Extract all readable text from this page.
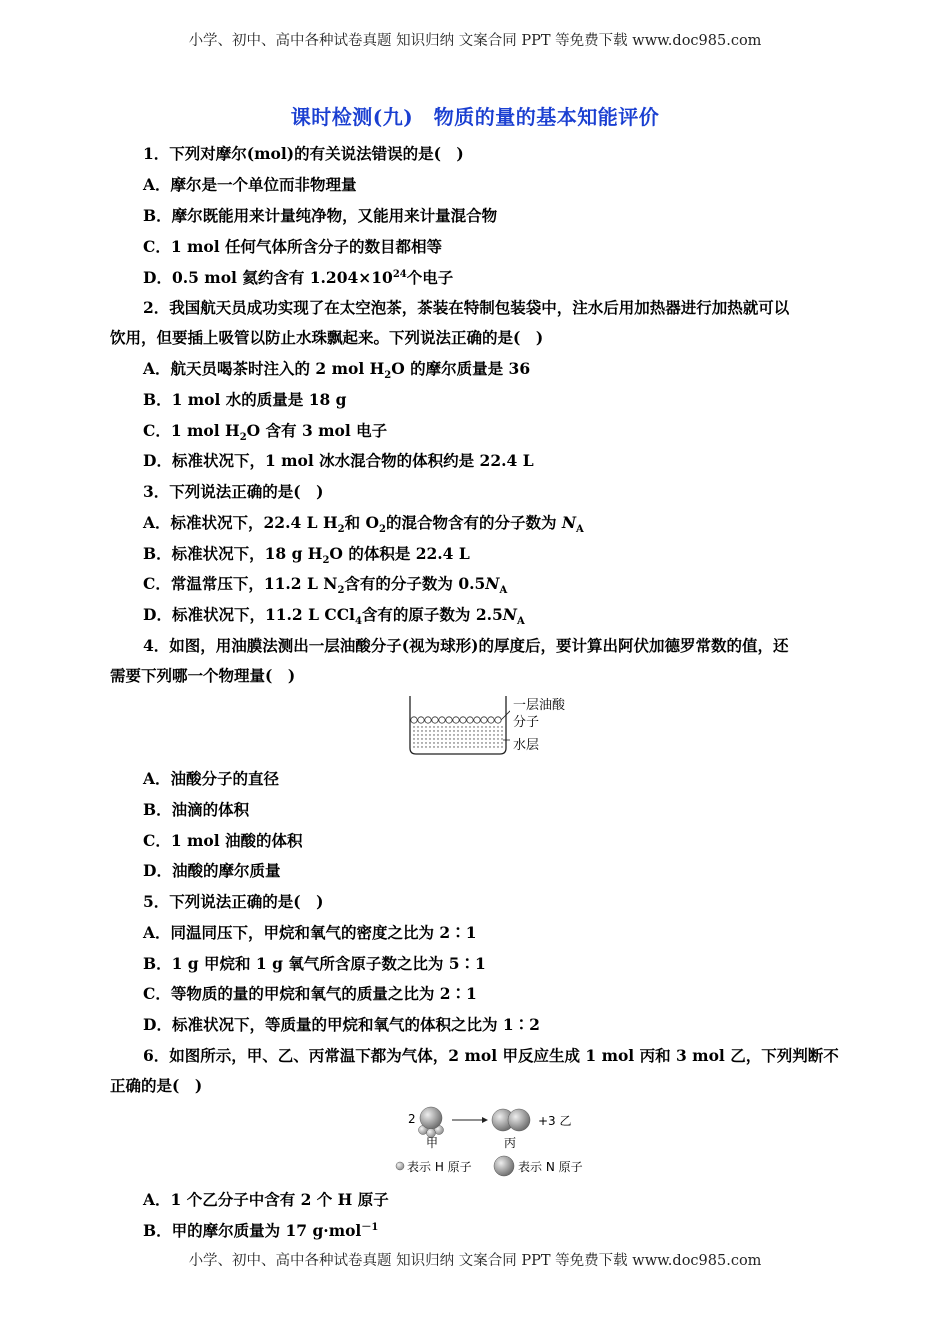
小学、初中、高中各种试卷真题 知识归纳 文案合同 PPT 等免费下载 www.doc985.com
课时检测(九)　物质的量的基本知能评价
1．下列对摩尔(mol)的有关说法错误的是(　)
A．摩尔是一个单位而非物理量
B．摩尔既能用来计量纯净物，又能用来计量混合物
C．1 mol 任何气体所含分子的数目都相等
D．0.5 mol 氦约含有 $1.204\times 10^{24}$个电子
2．我国航天员成功实现了在太空泡茶，茶装在特制包装袋中，注水后用加热器进行加热就可以
饮用，但要插上吸管以防止水珠飘起来。下列说法正确的是(　)
A．航天员喝茶时注入的 2 mol $H_2O$ 的摩尔质量是 36
B．1 mol 水的质量是 18 g
C．1 mol $H_2O$ 含有 3 mol 电子
D．标准状况下，1 mol 冰水混合物的体积约是 22.4 L
3．下列说法正确的是(　)
A．标准状况下，22.4 L $H_2$和 $O_2$的混合物含有的分子数为 $N_A$
B．标准状况下，18 g $H_2O$ 的体积是 22.4 L
C．常温常压下，11.2 L $N_2$含有的分子数为 $0.5N_A$
D．标准状况下，11.2 L CCl$_4$含有的原子数为 $2.5N_A$
4．如图，用油膜法测出一层油酸分子(视为球形)的厚度后，要计算出阿伏加德罗常数的值，还
需要下列哪一个物理量(　)
一层油酸
分子
水层
A．油酸分子的直径
B．油滴的体积
C．1 mol 油酸的体积
D．油酸的摩尔质量
5．下列说法正确的是(　)
A．同温同压下，甲烷和氧气的密度之比为 2∶1
B．1 g 甲烷和 1 g 氧气所含原子数之比为 5∶1
C．等物质的量的甲烷和氧气的质量之比为 2∶1
D．标准状况下，等质量的甲烷和氧气的体积之比为 1∶2
6．如图所示，甲、乙、丙常温下都为气体，2 mol 甲反应生成 1 mol 丙和 3 mol 乙，下列判断不
正确的是(　)
2
甲	丙
+3 乙
表示 H 原子	表示 N 原子
A．1 个乙分子中含有 2 个 H 原子
B．甲的摩尔质量为 17 g·mol$^{-1}$
小学、初中、高中各种试卷真题 知识归纳 文案合同 PPT 等免费下载 www.doc985.com
